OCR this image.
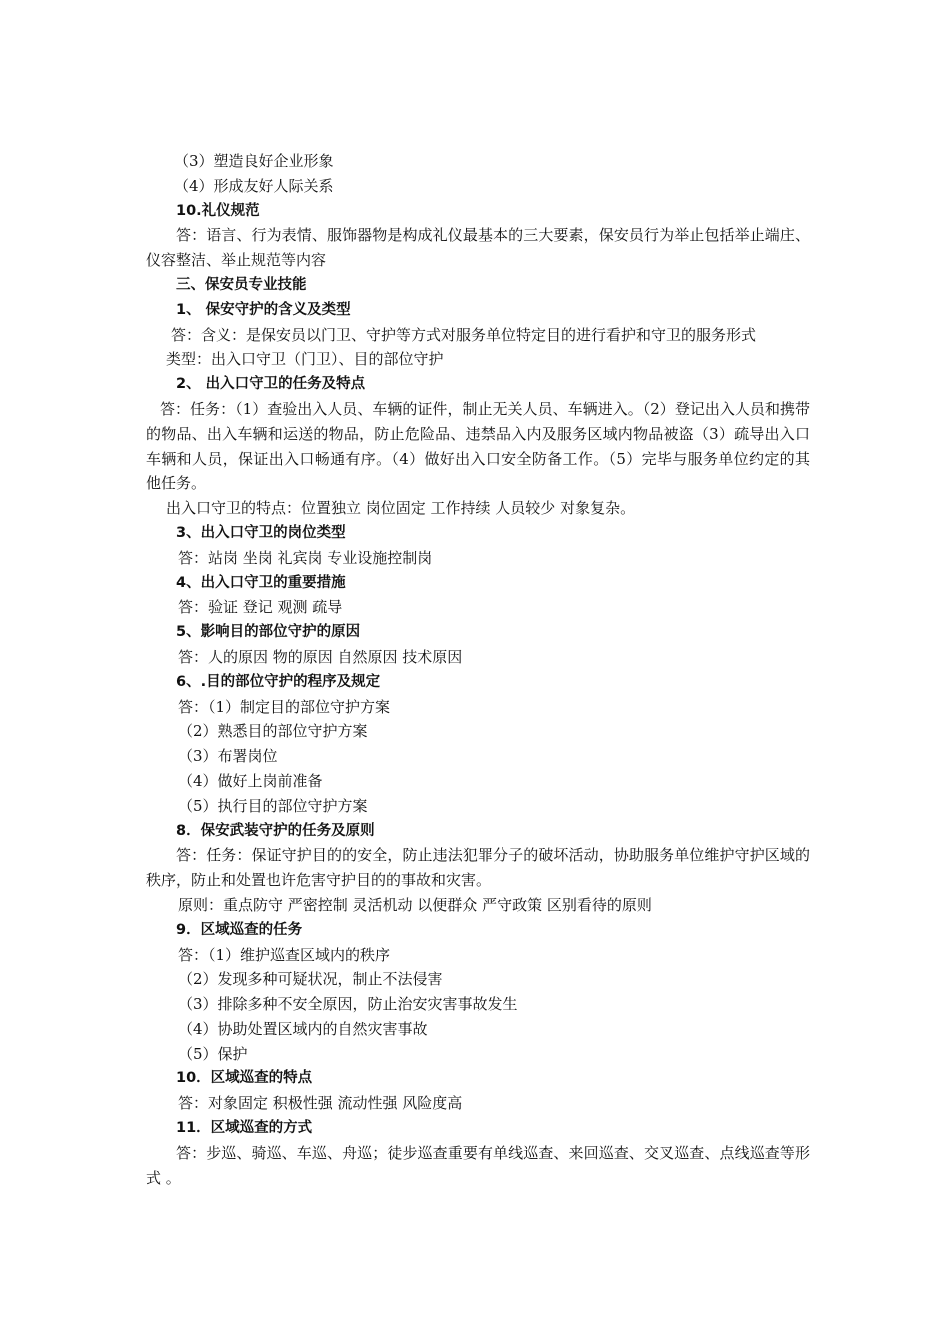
（3）塑造良好企业形象
（4）形成友好人际关系
10.礼仪规范
答：语言、行为表情、服饰器物是构成礼仪最基本的三大要素，保安员行为举止包括举止端庄、仪容整洁、举止规范等内容
三、保安员专业技能
1、 保安守护的含义及类型
答：含义：是保安员以门卫、守护等方式对服务单位特定目的进行看护和守卫的服务形式
类型：出入口守卫（门卫）、目的部位守护
2、 出入口守卫的任务及特点
答：任务：（1）查验出入人员、车辆的证件，制止无关人员、车辆进入。（2）登记出入人员和携带的物品、出入车辆和运送的物品，防止危险品、违禁品入内及服务区域内物品被盗（3）疏导出入口车辆和人员，保证出入口畅通有序。（4）做好出入口安全防备工作。（5）完毕与服务单位约定的其他任务。
出入口守卫的特点：位置独立 岗位固定 工作持续 人员较少 对象复杂。
3、出入口守卫的岗位类型
答：站岗 坐岗 礼宾岗 专业设施控制岗
4、出入口守卫的重要措施
答：验证 登记 观测 疏导
5、影响目的部位守护的原因
答：人的原因 物的原因 自然原因 技术原因
6、.目的部位守护的程序及规定
答：（1）制定目的部位守护方案
（2）熟悉目的部位守护方案
（3）布署岗位
（4）做好上岗前准备
（5）执行目的部位守护方案
8．保安武装守护的任务及原则
答：任务：保证守护目的的安全，防止违法犯罪分子的破坏活动，协助服务单位维护守护区域的秩序，防止和处置也许危害守护目的的事故和灾害。
原则：重点防守 严密控制 灵活机动 以便群众 严守政策 区别看待的原则
9．区域巡查的任务
答：（1）维护巡查区域内的秩序
（2）发现多种可疑状况，制止不法侵害
（3）排除多种不安全原因，防止治安灾害事故发生
（4）协助处置区域内的自然灾害事故
（5）保护
10．区域巡查的特点
答：对象固定 积极性强 流动性强 风险度高
11．区域巡查的方式
答：步巡、骑巡、车巡、舟巡；徒步巡查重要有单线巡查、来回巡查、交叉巡查、点线巡查等形式 。
